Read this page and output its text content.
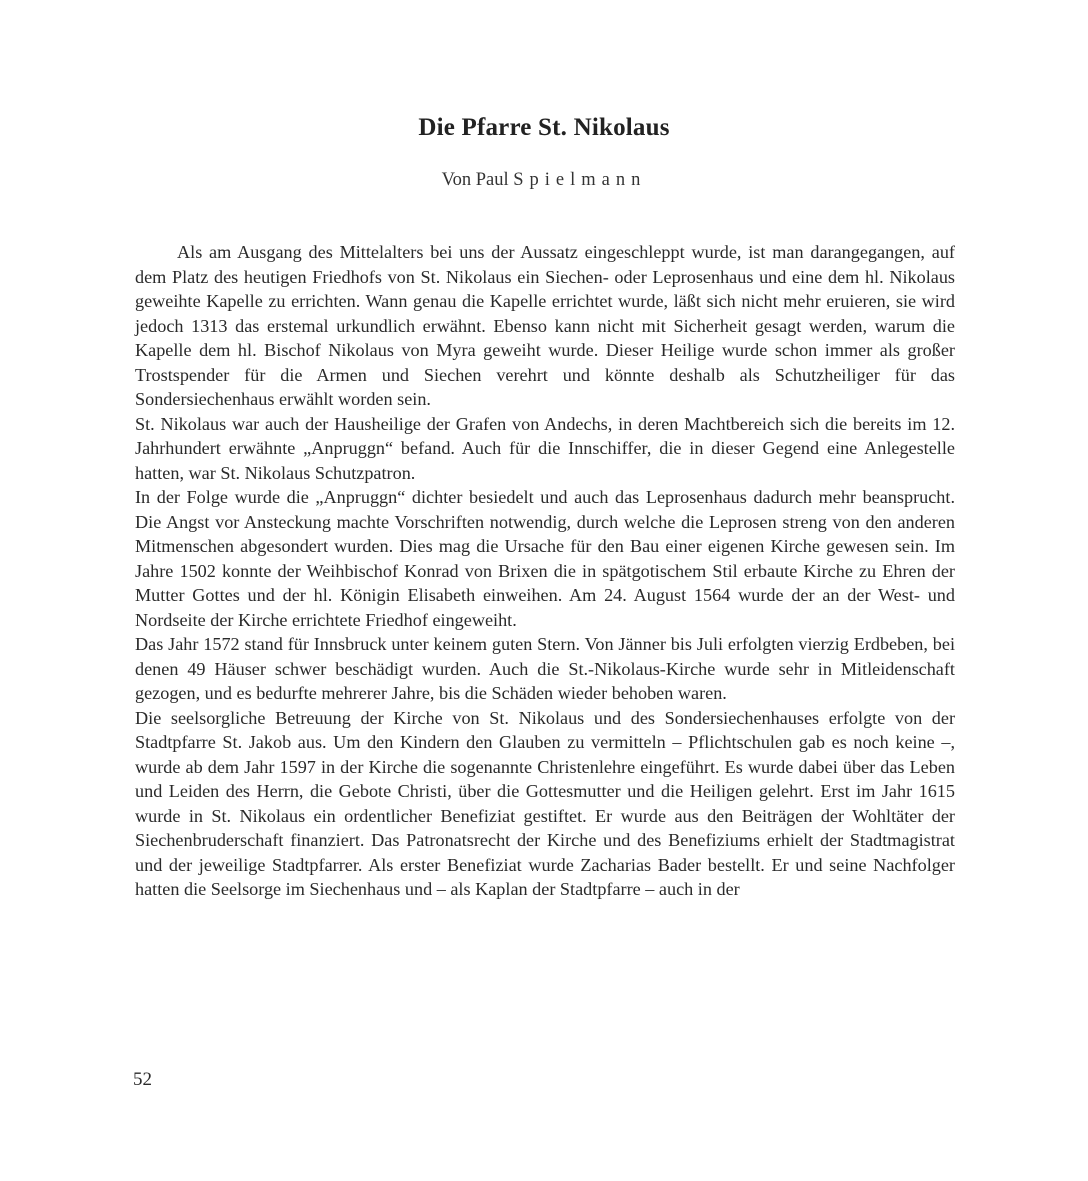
Die Pfarre St. Nikolaus
Von Paul Spielmann

Als am Ausgang des Mittelalters bei uns der Aussatz eingeschleppt wurde, ist man darangegangen, auf dem Platz des heutigen Friedhofs von St. Nikolaus ein Siechen- oder Leprosenhaus und eine dem hl. Nikolaus geweihte Kapelle zu errichten. Wann genau die Kapelle errichtet wurde, läßt sich nicht mehr eruieren, sie wird jedoch 1313 das erstemal urkundlich erwähnt. Ebenso kann nicht mit Sicherheit gesagt werden, warum die Kapelle dem hl. Bischof Nikolaus von Myra geweiht wurde. Dieser Heilige wurde schon immer als großer Trostspender für die Armen und Siechen verehrt und könnte deshalb als Schutzheiliger für das Sondersiechenhaus erwählt worden sein.

St. Nikolaus war auch der Hausheilige der Grafen von Andechs, in deren Machtbereich sich die bereits im 12. Jahrhundert erwähnte „Anpruggn“ befand. Auch für die Innschiffer, die in dieser Gegend eine Anlegestelle hatten, war St. Nikolaus Schutzpatron.

In der Folge wurde die „Anpruggn“ dichter besiedelt und auch das Leprosenhaus dadurch mehr beansprucht. Die Angst vor Ansteckung machte Vorschriften notwendig, durch welche die Leprosen streng von den anderen Mitmenschen abgesondert wurden. Dies mag die Ursache für den Bau einer eigenen Kirche gewesen sein. Im Jahre 1502 konnte der Weihbischof Konrad von Brixen die in spätgotischem Stil erbaute Kirche zu Ehren der Mutter Gottes und der hl. Königin Elisabeth einweihen. Am 24. August 1564 wurde der an der West- und Nordseite der Kirche errichtete Friedhof eingeweiht.

Das Jahr 1572 stand für Innsbruck unter keinem guten Stern. Von Jänner bis Juli erfolgten vierzig Erdbeben, bei denen 49 Häuser schwer beschädigt wurden. Auch die St.-Nikolaus-Kirche wurde sehr in Mitleidenschaft gezogen, und es bedurfte mehrerer Jahre, bis die Schäden wieder behoben waren.

Die seelsorgliche Betreuung der Kirche von St. Nikolaus und des Sondersiechenhauses erfolgte von der Stadtpfarre St. Jakob aus. Um den Kindern den Glauben zu vermitteln – Pflichtschulen gab es noch keine –, wurde ab dem Jahr 1597 in der Kirche die sogenannte Christenlehre eingeführt. Es wurde dabei über das Leben und Leiden des Herrn, die Gebote Christi, über die Gottesmutter und die Heiligen gelehrt. Erst im Jahr 1615 wurde in St. Nikolaus ein ordentlicher Benefiziat gestiftet. Er wurde aus den Beiträgen der Wohltäter der Siechenbruderschaft finanziert. Das Patronatsrecht der Kirche und des Benefiziums erhielt der Stadtmagistrat und der jeweilige Stadtpfarrer. Als erster Benefiziat wurde Zacharias Bader bestellt. Er und seine Nachfolger hatten die Seelsorge im Siechenhaus und – als Kaplan der Stadtpfarre – auch in der

52
